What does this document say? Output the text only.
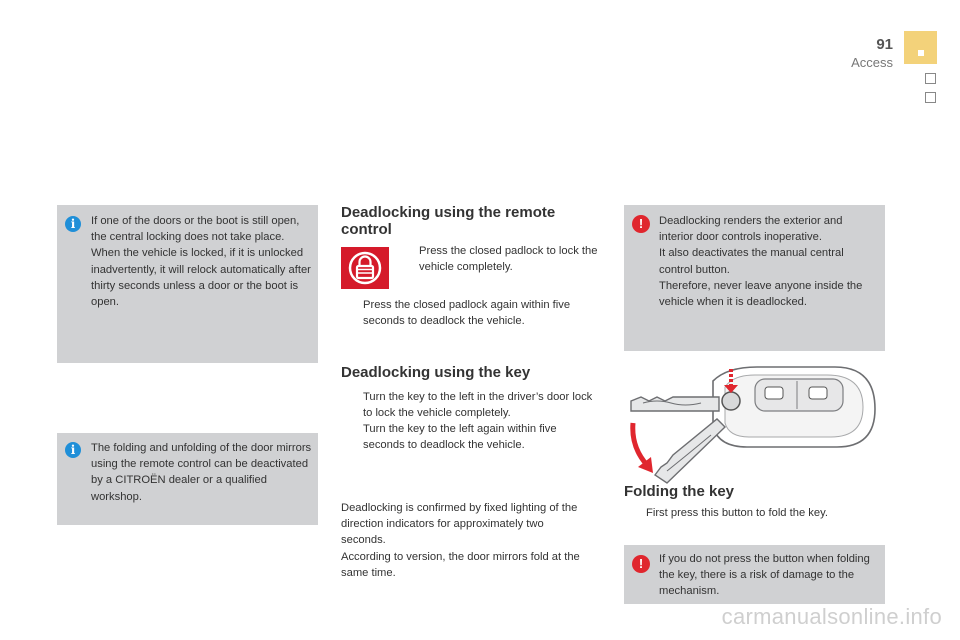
91
Access
i	If one of the doors or the boot is still open, the central locking does not take place.
When the vehicle is locked, if it is unlocked inadvertently, it will relock automatically after thirty seconds unless a door or the boot is open.

i	The folding and unfolding of the door mirrors using the remote control can be deactivated by a CITROËN dealer or a qualified workshop.

Deadlocking using the remote control
Press the closed padlock to lock the vehicle completely.
Press the closed padlock again within five seconds to deadlock the vehicle.
Deadlocking using the key
Turn the key to the left in the driver’s door lock to lock the vehicle completely.
Turn the key to the left again within five seconds to deadlock the vehicle.

Deadlocking is confirmed by fixed lighting of the direction indicators for approximately two seconds.
According to version, the door mirrors fold at the same time.

!	Deadlocking renders the exterior and interior door controls inoperative.
It also deactivates the manual central control button.
Therefore, never leave anyone inside the vehicle when it is deadlocked.

Folding the key
First press this button to fold the key.
!	If you do not press the button when folding the key, there is a risk of damage to the mechanism.

carmanualsonline.info
